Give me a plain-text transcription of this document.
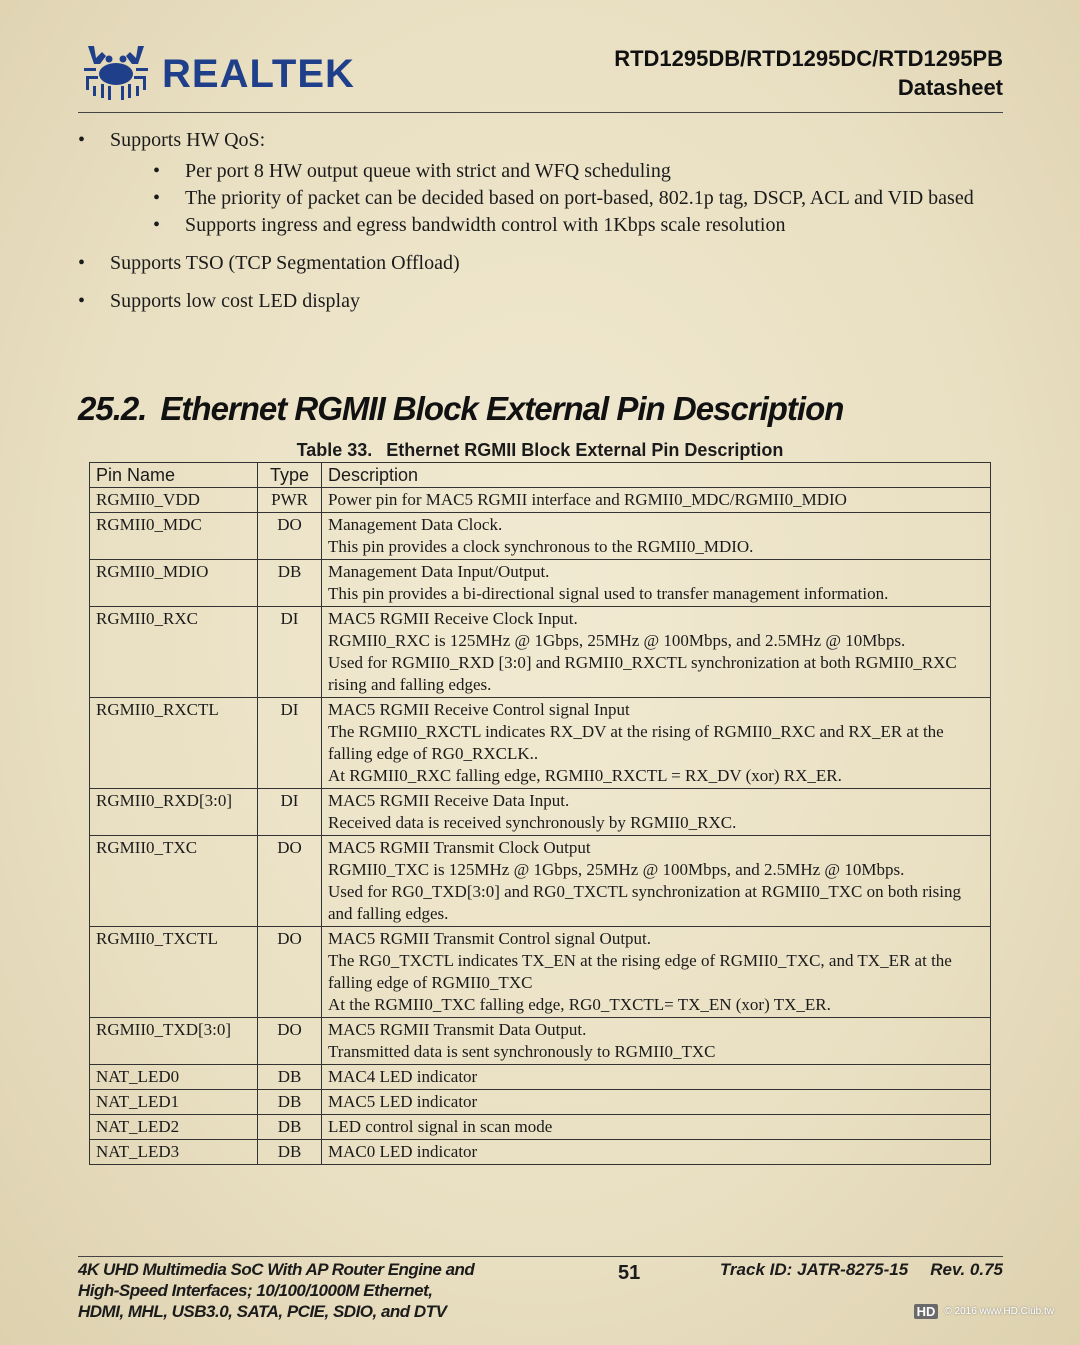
REALTEK	RTD1295DB/RTD1295DC/RTD1295PB
Datasheet
• Supports HW QoS:
• Per port 8 HW output queue with strict and WFQ scheduling
• The priority of packet can be decided based on port-based, 802.1p tag, DSCP, ACL and VID based
• Supports ingress and egress bandwidth control with 1Kbps scale resolution
• Supports TSO (TCP Segmentation Offload)
• Supports low cost LED display
25.2. Ethernet RGMII Block External Pin Description
Table 33. Ethernet RGMII Block External Pin Description
Pin Name	Type	Description
RGMII0_VDD	PWR	Power pin for MAC5 RGMII interface and RGMII0_MDC/RGMII0_MDIO

RGMII0_MDC	DO	Management Data Clock.
This pin provides a clock synchronous to the RGMII0_MDIO.

RGMII0_MDIO	DB	Management Data Input/Output.
This pin provides a bi-directional signal used to transfer management information.

RGMII0_RXC	DI	MAC5 RGMII Receive Clock Input.
RGMII0_RXC is 125MHz @ 1Gbps, 25MHz @ 100Mbps, and 2.5MHz @ 10Mbps.
Used for RGMII0_RXD [3:0] and RGMII0_RXCTL synchronization at both RGMII0_RXC rising and falling edges.

RGMII0_RXCTL	DI	MAC5 RGMII Receive Control signal Input
The RGMII0_RXCTL indicates RX_DV at the rising of RGMII0_RXC and RX_ER at the falling edge of RG0_RXCLK..
At RGMII0_RXC falling edge, RGMII0_RXCTL = RX_DV (xor) RX_ER.

RGMII0_RXD[3:0]	DI	MAC5 RGMII Receive Data Input.
Received data is received synchronously by RGMII0_RXC.

RGMII0_TXC	DO	MAC5 RGMII Transmit Clock Output
RGMII0_TXC is 125MHz @ 1Gbps, 25MHz @ 100Mbps, and 2.5MHz @ 10Mbps.
Used for RG0_TXD[3:0] and RG0_TXCTL synchronization at RGMII0_TXC on both rising and falling edges.

RGMII0_TXCTL	DO	MAC5 RGMII Transmit Control signal Output.
The RG0_TXCTL indicates TX_EN at the rising edge of RGMII0_TXC, and TX_ER at the falling edge of RGMII0_TXC
At the RGMII0_TXC falling edge, RG0_TXCTL= TX_EN (xor) TX_ER.

RGMII0_TXD[3:0]	DO	MAC5 RGMII Transmit Data Output.
Transmitted data is sent synchronously to RGMII0_TXC

NAT_LED0	DB	MAC4 LED indicator

NAT_LED1	DB	MAC5 LED indicator

NAT_LED2	DB	LED control signal in scan mode

NAT_LED3	DB	MAC0 LED indicator
4K UHD Multimedia SoC With AP Router Engine and
High-Speed Interfaces; 10/100/1000M Ethernet,
HDMI, MHL, USB3.0, SATA, PCIE, SDIO, and DTV
51	Track ID: JATR-8275-15 Rev. 0.75
HD © 2016 www.HD.Club.tw
